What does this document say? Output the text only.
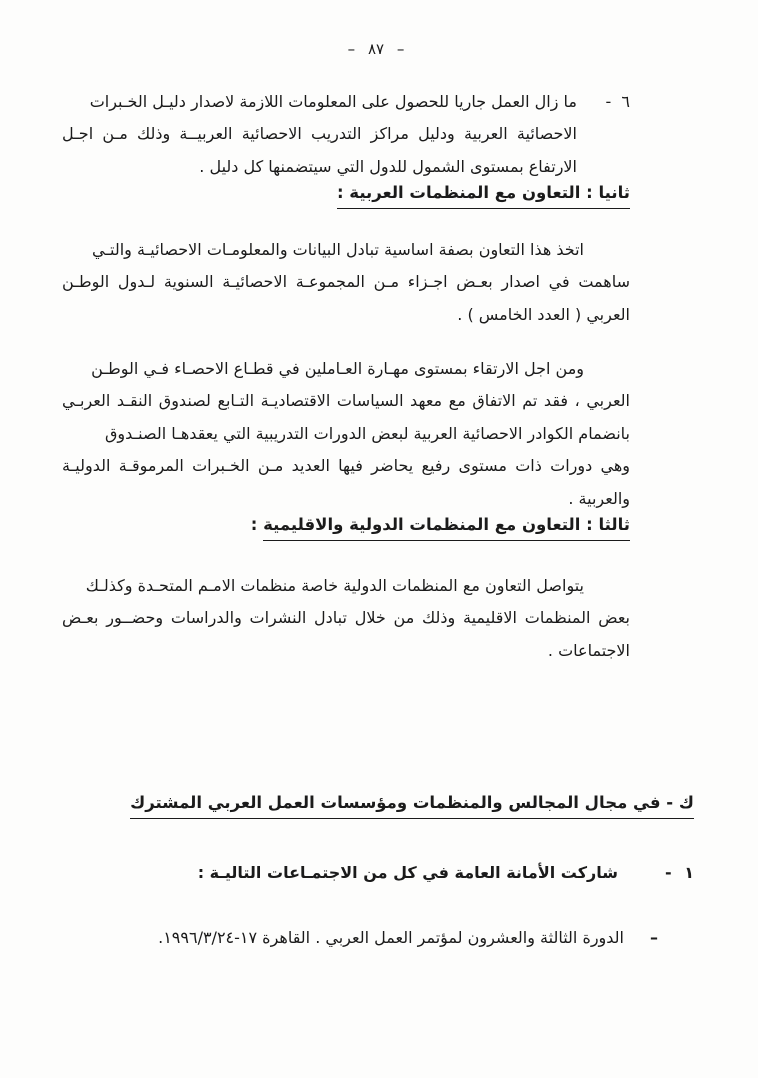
– ٨٧ –
٦ -
ما زال العمل جاريا للحصول على المعلومات اللازمة لاصدار دليـل الخـبرات
الاحصائية العربية ودليل مراكز التدريب الاحصائية العربيــة وذلك مـن اجـل
الارتفاع بمستوى الشمول للدول التي سيتضمنها كل دليل .
ثانيا : التعاون مع المنظمات العربية :
اتخذ هذا التعاون بصفة اساسية تبادل البيانات والمعلومـات الاحصائيـة والتـي
ساهمت في اصدار بعـض اجـزاء مـن المجموعـة الاحصائيـة السنوية لـدول الوطـن
العربي ( العدد الخامس ) .
ومن اجل الارتقاء بمستوى مهـارة العـاملين في قطـاع الاحصـاء فـي الوطـن
العربي ، فقد تم الاتفاق مع معهد السياسات الاقتصاديـة التـابع لصندوق النقـد العربـي
بانضمام الكوادر الاحصائية العربية لبعض الدورات التدريبية التي يعقدهـا الصنـدوق
وهي دورات ذات مستوى رفيع يحاضر فيها العديد مـن الخـبرات المرموقـة الدوليـة
والعربية .
ثالثا : التعاون مع المنظمات الدولية والاقليمية :
يتواصل التعاون مع المنظمات الدولية خاصة منظمات الامـم المتحـدة وكذلـك
بعض المنظمات الاقليمية وذلك من خلال تبادل النشرات والدراسات وحضــور بعـض
الاجتماعات .
ك - في مجال المجالس والمنظمات ومؤسسات العمل العربي المشترك
١ -
شاركت الأمانة العامة في كل من الاجتمـاعات التاليـة :
–
الدورة الثالثة والعشرون لمؤتمر العمل العربي . القاهرة ١٧-١٩٩٦/٣/٢٤.
